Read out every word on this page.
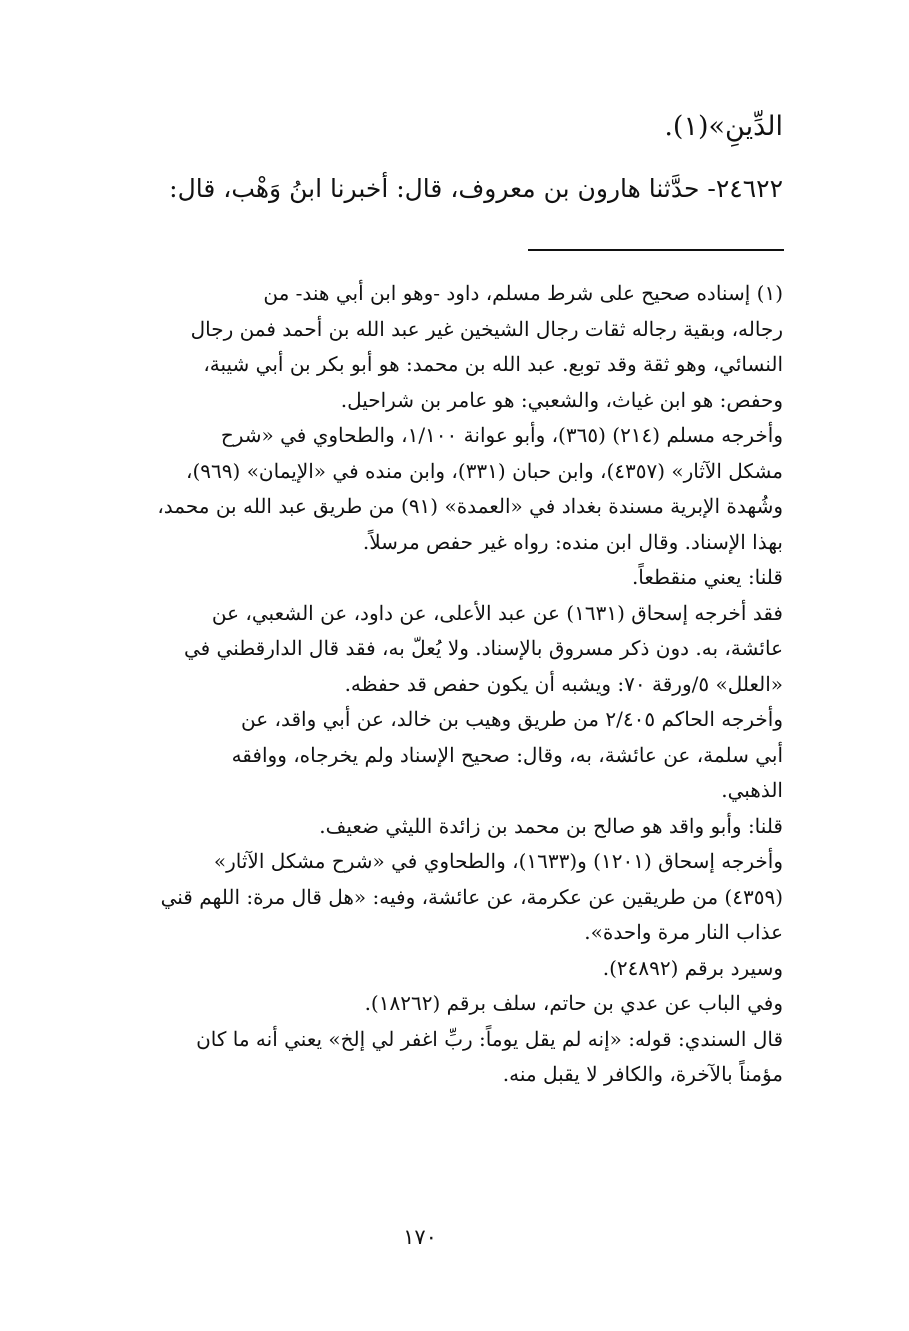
الدِّينِ»(١).
٢٤٦٢٢- حدَّثنا هارون بن معروف، قال: أخبرنا ابنُ وَهْب، قال:
(١) إسناده صحيح على شرط مسلم، داود -وهو ابن أبي هند- من
رجاله، وبقية رجاله ثقات رجال الشيخين غير عبد الله بن أحمد فمن رجال
النسائي، وهو ثقة وقد توبع. عبد الله بن محمد: هو أبو بكر بن أبي شيبة،
وحفص: هو ابن غياث، والشعبي: هو عامر بن شراحيل.
وأخرجه مسلم (٢١٤) (٣٦٥)، وأبو عوانة ١/١٠٠، والطحاوي في «شرح
مشكل الآثار» (٤٣٥٧)، وابن حبان (٣٣١)، وابن منده في «الإيمان» (٩٦٩)،
وشُهدة الإبرية مسندة بغداد في «العمدة» (٩١) من طريق عبد الله بن محمد،
بهذا الإسناد. وقال ابن منده: رواه غير حفص مرسلاً.
قلنا: يعني منقطعاً.
فقد أخرجه إسحاق (١٦٣١) عن عبد الأعلى، عن داود، عن الشعبي، عن
عائشة، به. دون ذكر مسروق بالإسناد. ولا يُعلّ به، فقد قال الدارقطني في
«العلل» ٥/ورقة ٧٠: ويشبه أن يكون حفص قد حفظه.
وأخرجه الحاكم ٢/٤٠٥ من طريق وهيب بن خالد، عن أبي واقد، عن
أبي سلمة، عن عائشة، به، وقال: صحيح الإسناد ولم يخرجاه، ووافقه
الذهبي.
قلنا: وأبو واقد هو صالح بن محمد بن زائدة الليثي ضعيف.
وأخرجه إسحاق (١٢٠١) و(١٦٣٣)، والطحاوي في «شرح مشكل الآثار»
(٤٣٥٩) من طريقين عن عكرمة، عن عائشة، وفيه: «هل قال مرة: اللهم قني
عذاب النار مرة واحدة».
وسيرد برقم (٢٤٨٩٢).
وفي الباب عن عدي بن حاتم، سلف برقم (١٨٢٦٢).
قال السندي: قوله: «إنه لم يقل يوماً: ربِّ اغفر لي إلخ» يعني أنه ما كان
مؤمناً بالآخرة، والكافر لا يقبل منه.
١٧٠
